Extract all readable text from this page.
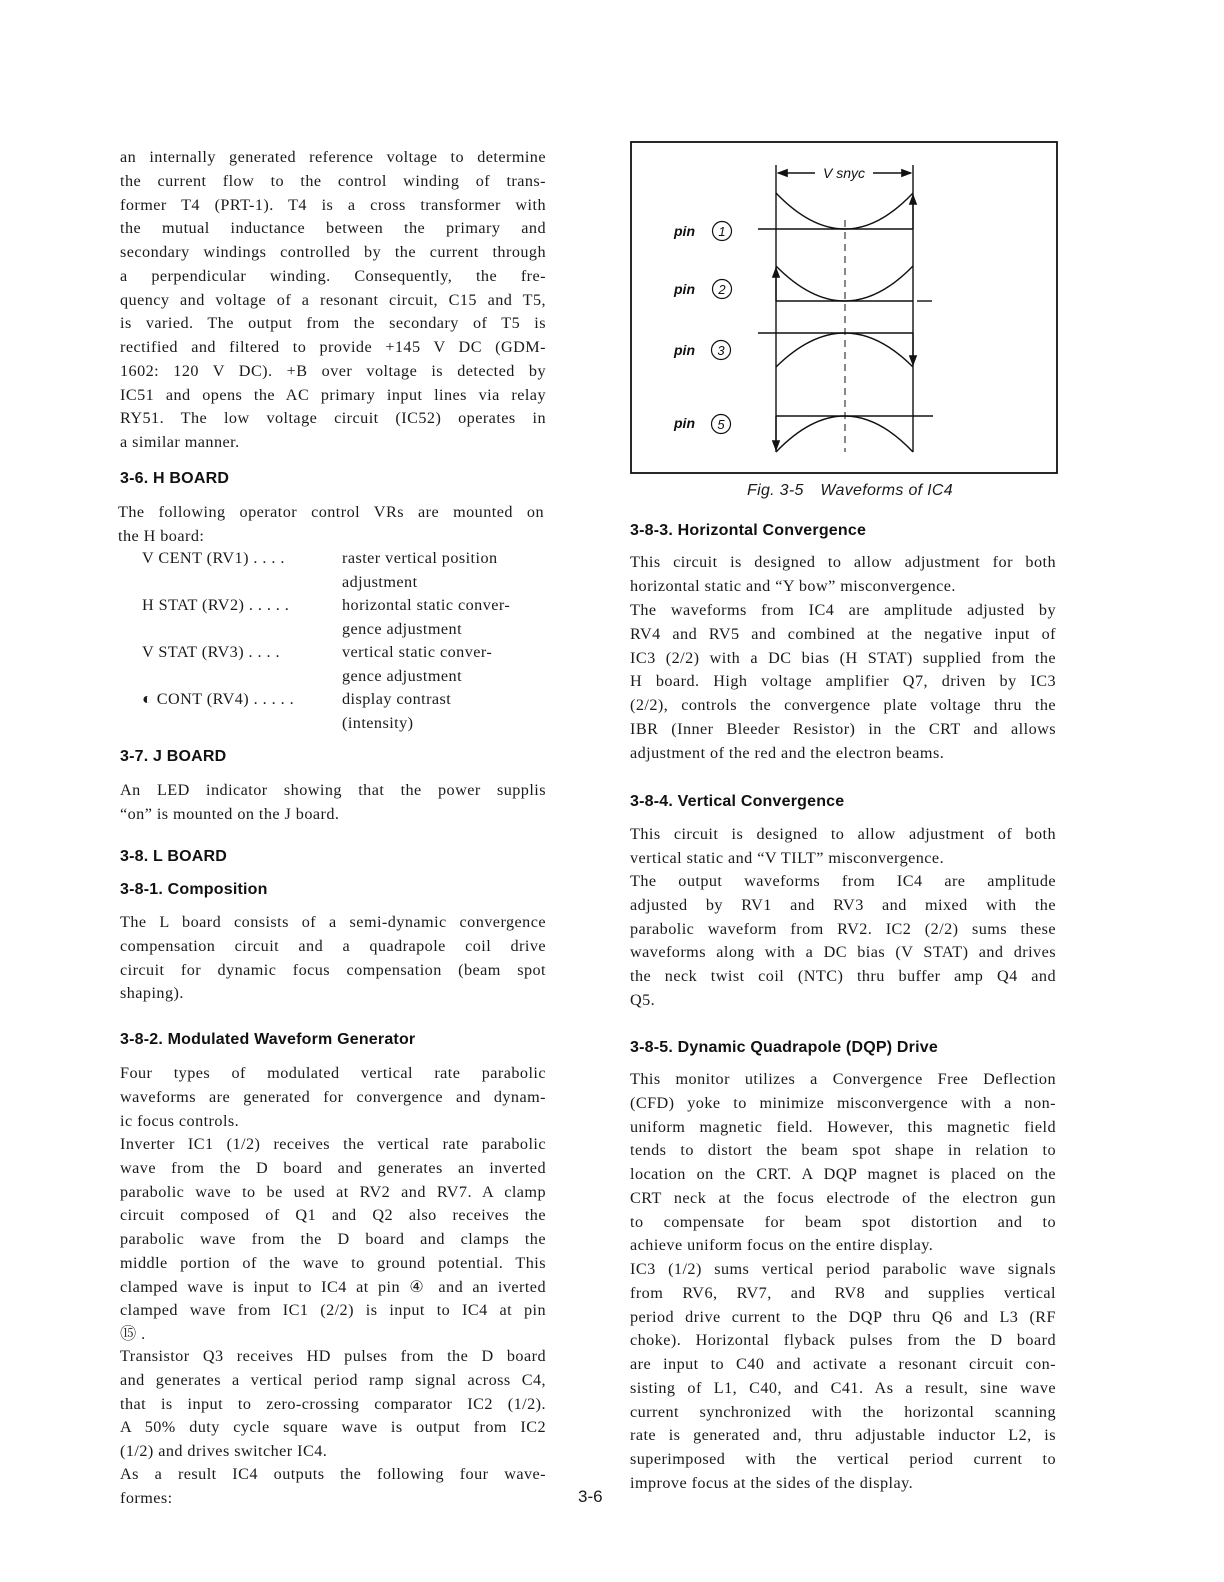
an internally generated reference voltage to determine
the current flow to the control winding of trans-
former T4 (PRT-1). T4 is a cross transformer with
the mutual inductance between the primary and
secondary windings controlled by the current through
a perpendicular winding. Consequently, the fre-
quency and voltage of a resonant circuit, C15 and T5,
is varied. The output from the secondary of T5 is
rectified and filtered to provide +145 V DC (GDM-
1602: 120 V DC). +B over voltage is detected by
IC51 and opens the AC primary input lines via relay
RY51. The low voltage circuit (IC52) operates in
a similar manner.
3-6. H BOARD
The following operator control VRs are mounted on
the H board:
V CENT (RV1) . . . .	raster vertical position
adjustment
H STAT (RV2) . . . . .	horizontal static conver-
gence adjustment
V STAT (RV3) . . . .	vertical static conver-
gence adjustment
◐ CONT (RV4) . . . . .	display contrast
(intensity)
3-7. J BOARD
An LED indicator showing that the power supplis
“on” is mounted on the J board.
3-8. L BOARD
3-8-1. Composition
The L board consists of a semi-dynamic convergence
compensation circuit and a quadrapole coil drive
circuit for dynamic focus compensation (beam spot
shaping).
3-8-2. Modulated Waveform Generator
Four types of modulated vertical rate parabolic
waveforms are generated for convergence and dynam-
ic focus controls.
Inverter IC1 (1/2) receives the vertical rate parabolic
wave from the D board and generates an inverted
parabolic wave to be used at RV2 and RV7. A clamp
circuit composed of Q1 and Q2 also receives the
parabolic wave from the D board and clamps the
middle portion of the wave to ground potential. This
clamped wave is input to IC4 at pin ④ and an iverted
clamped wave from IC1 (2/2) is input to IC4 at pin
⑮ .
Transistor Q3 receives HD pulses from the D board
and generates a vertical period ramp signal across C4,
that is input to zero-crossing comparator IC2 (1/2).
A 50% duty cycle square wave is output from IC2
(1/2) and drives switcher IC4.
As a result IC4 outputs the following four wave-
formes:	3-6
V snyc
pin
pin
pin
pin
1
2
3
5
Fig. 3-5 Waveforms of IC4
3-8-3. Horizontal Convergence
This circuit is designed to allow adjustment for both
horizontal static and “Y bow” misconvergence.
The waveforms from IC4 are amplitude adjusted by
RV4 and RV5 and combined at the negative input of
IC3 (2/2) with a DC bias (H STAT) supplied from the
H board. High voltage amplifier Q7, driven by IC3
(2/2), controls the convergence plate voltage thru the
IBR (Inner Bleeder Resistor) in the CRT and allows
adjustment of the red and the electron beams.
3-8-4. Vertical Convergence
This circuit is designed to allow adjustment of both
vertical static and “V TILT” misconvergence.
The output waveforms from IC4 are amplitude
adjusted by RV1 and RV3 and mixed with the
parabolic waveform from RV2. IC2 (2/2) sums these
waveforms along with a DC bias (V STAT) and drives
the neck twist coil (NTC) thru buffer amp Q4 and
Q5.
3-8-5. Dynamic Quadrapole (DQP) Drive
This monitor utilizes a Convergence Free Deflection
(CFD) yoke to minimize misconvergence with a non-
uniform magnetic field. However, this magnetic field
tends to distort the beam spot shape in relation to
location on the CRT. A DQP magnet is placed on the
CRT neck at the focus electrode of the electron gun
to compensate for beam spot distortion and to
achieve uniform focus on the entire display.
IC3 (1/2) sums vertical period parabolic wave signals
from RV6, RV7, and RV8 and supplies vertical
period drive current to the DQP thru Q6 and L3 (RF
choke). Horizontal flyback pulses from the D board
are input to C40 and activate a resonant circuit con-
sisting of L1, C40, and C41. As a result, sine wave
current synchronized with the horizontal scanning
rate is generated and, thru adjustable inductor L2, is
superimposed with the vertical period current to
improve focus at the sides of the display.
